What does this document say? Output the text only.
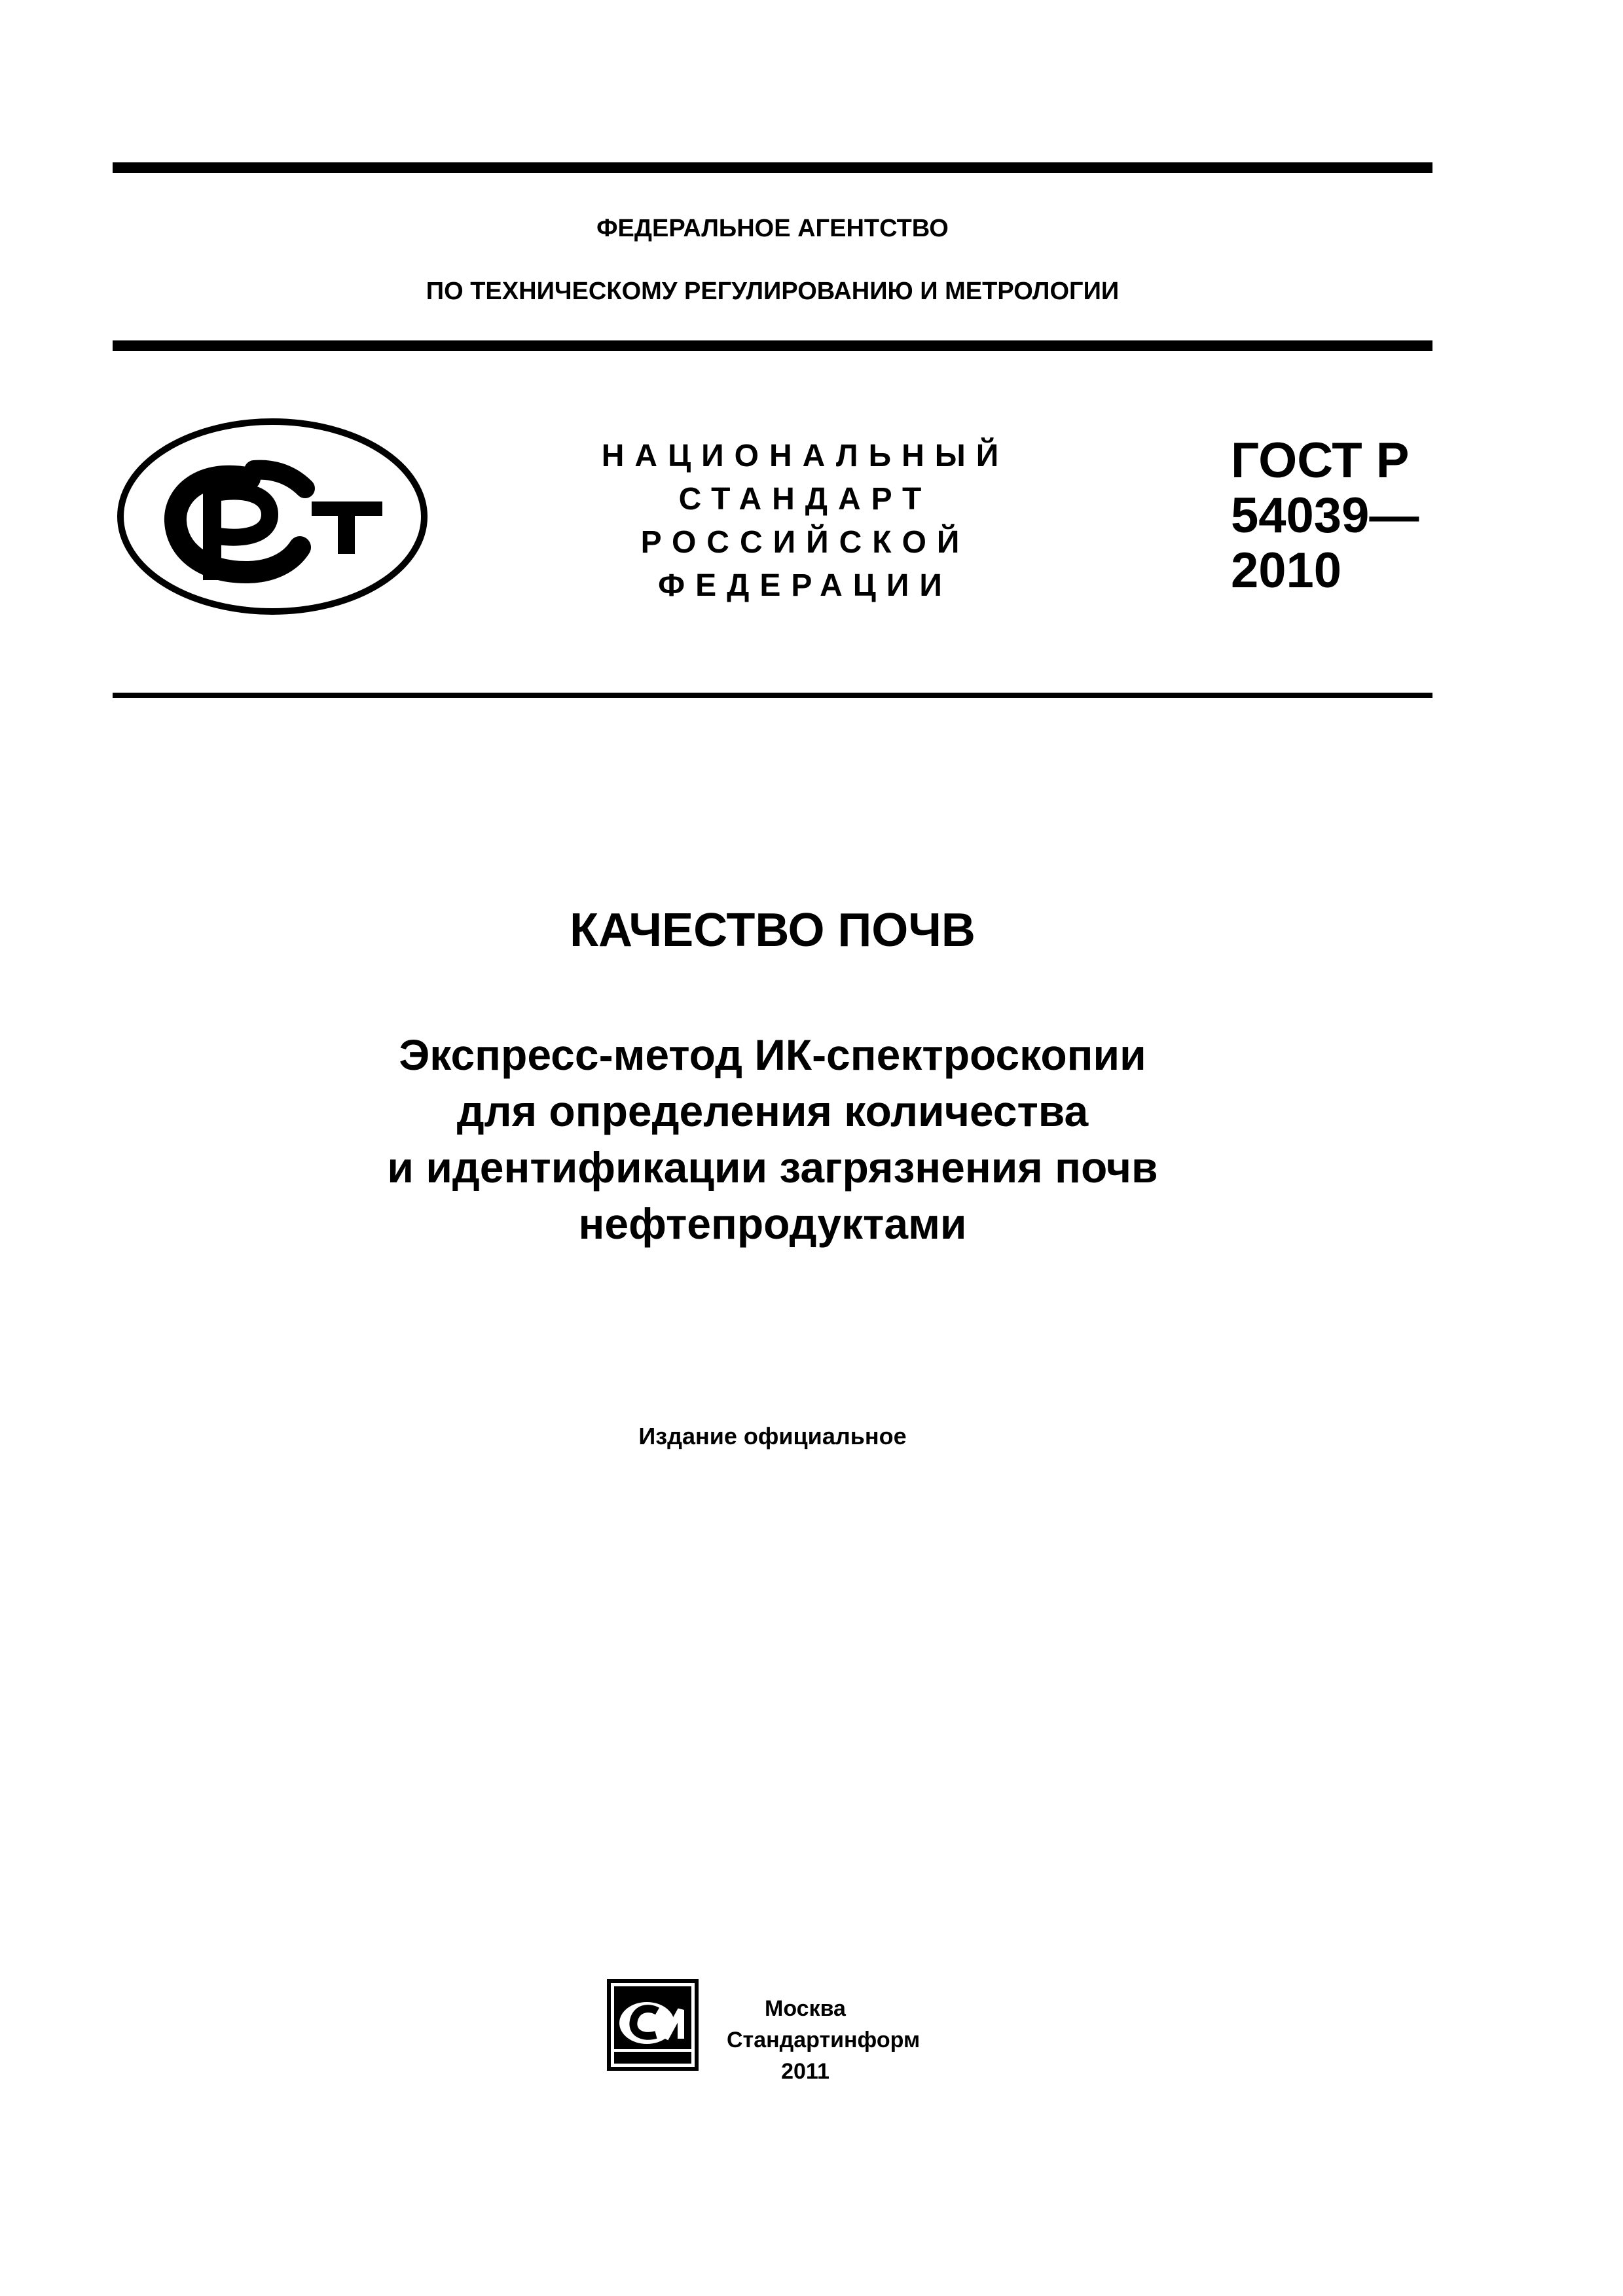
ФЕДЕРАЛЬНОЕ АГЕНТСТВО
ПО ТЕХНИЧЕСКОМУ РЕГУЛИРОВАНИЮ И МЕТРОЛОГИИ
НАЦИОНАЛЬНЫЙ
СТАНДАРТ
РОССИЙСКОЙ
ФЕДЕРАЦИИ
ГОСТ Р
54039—
2010
КАЧЕСТВО ПОЧВ
Экспресс-метод ИК-спектроскопии
для определения количества
и идентификации загрязнения почв
нефтепродуктами
Издание официальное
Москва
Стандартинформ
2011
